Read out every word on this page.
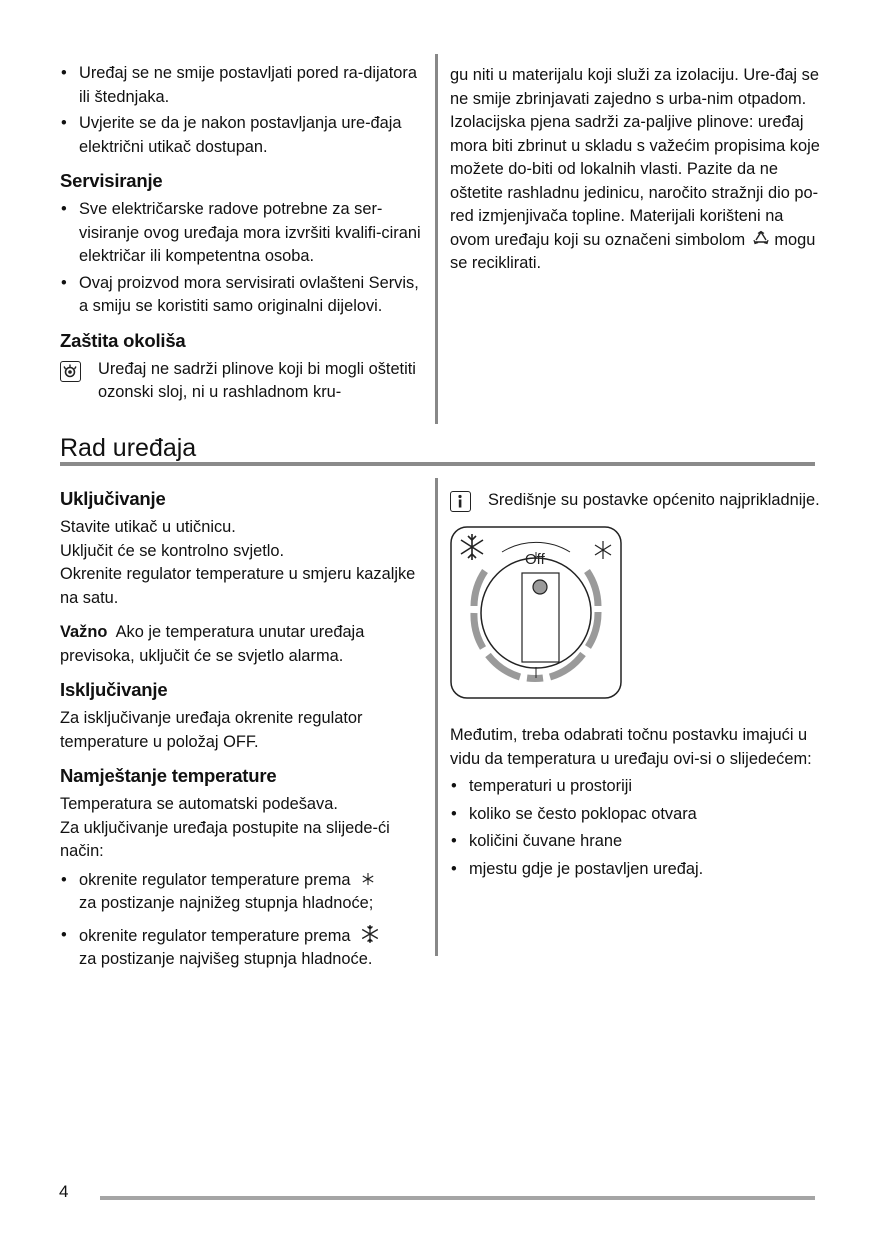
• Uređaj se ne smije postavljati pored ra-dijatora ili štednjaka.
• Uvjerite se da je nakon postavljanja ure-đaja električni utikač dostupan.
Servisiranje
• Sve električarske radove potrebne za ser-visiranje ovog uređaja mora izvršiti kvalifi-cirani električar ili kompetentna osoba.
• Ovaj proizvod mora servisirati ovlašteni Servis, a smiju se koristiti samo originalni dijelovi.
Zaštita okoliša

Uređaj ne sadrži plinove koji bi mogli oštetiti ozonski sloj, ni u rashladnom kru-

gu niti u materijalu koji služi za izolaciju. Ure-đaj se ne smije zbrinjavati zajedno s urba-nim otpadom. Izolacijska pjena sadrži za-paljive plinove: uređaj mora biti zbrinut u skladu s važećim propisima koje možete do-biti od lokalnih vlasti. Pazite da ne oštetite rashladnu jedinicu, naročito stražnji dio po-red izmjenjivača topline. Materijali korišteni na ovom uređaju koji su označeni simbolom mogu se reciklirati.

Rad uređaja
Uključivanje

Stavite utikač u utičnicu.

Uključit će se kontrolno svjetlo.

Okrenite regulator temperature u smjeru kazaljke na satu.

Važno Ako je temperatura unutar uređaja previsoka, uključit će se svjetlo alarma.

Isključivanje

Za isključivanje uređaja okrenite regulator temperature u položaj OFF.

Namještanje temperature

Temperatura se automatski podešava.

Za uključivanje uređaja postupite na slijede-ći način:

• okrenite regulator temperature prema
za postizanje najnižeg stupnja hladnoće;
• okrenite regulator temperature prema
za postizanje najvišeg stupnja hladnoće.

Središnje su postavke općenito najprikladnije.

Međutim, treba odabrati točnu postavku imajući u vidu da temperatura u uređaju ovi-si o slijedećem:

• temperaturi u prostoriji
• koliko se često poklopac otvara
• količini čuvane hrane
• mjestu gdje je postavljen uređaj.
Off
4
